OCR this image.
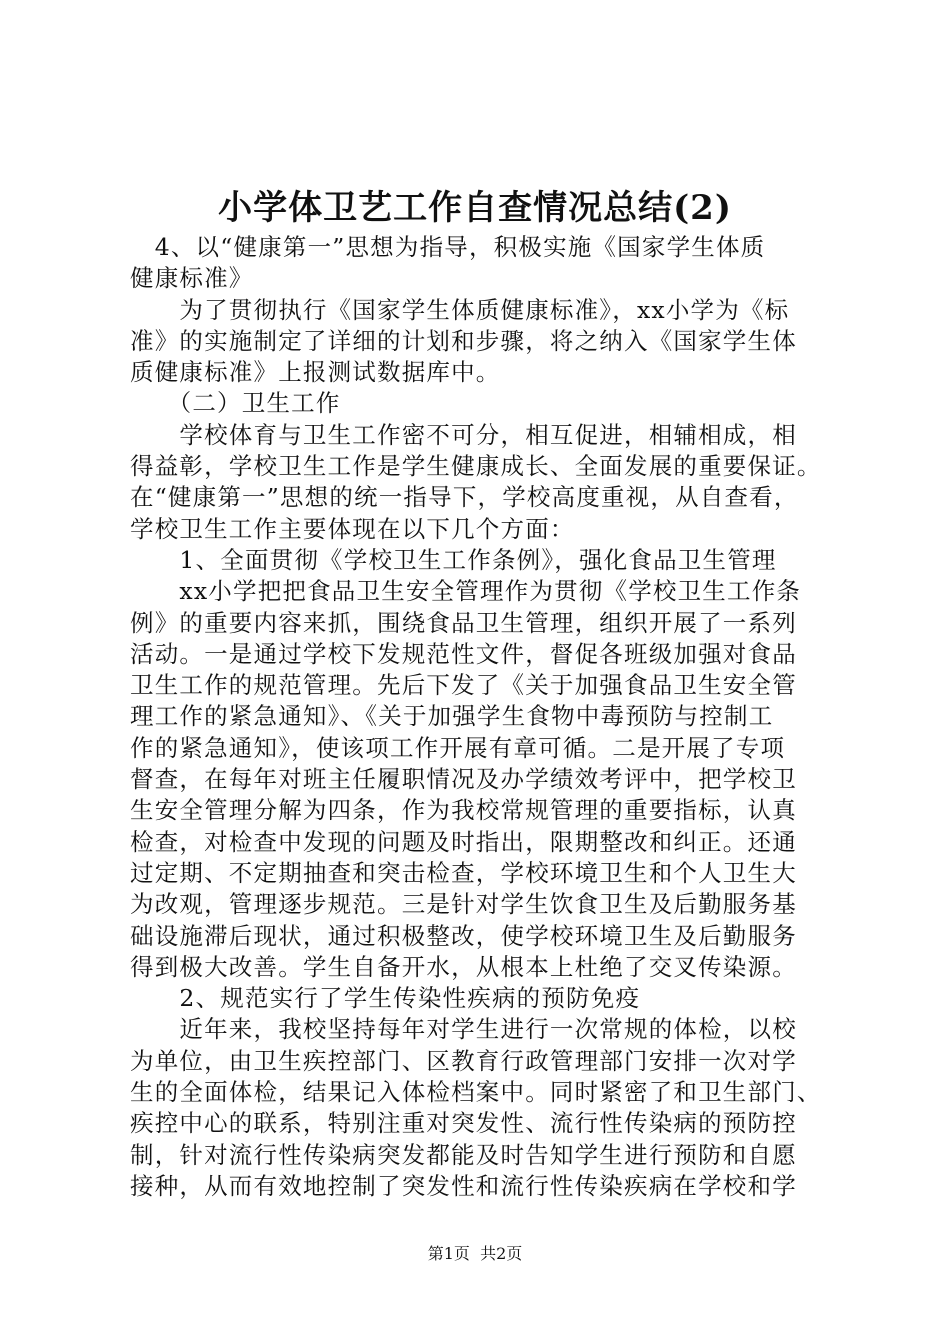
小学体卫艺工作自查情况总结(2)
　4、以“健康第一”思想为指导，积极实施《国家学生体质
健康标准》
　　为了贯彻执行《国家学生体质健康标准》，xx小学为《标
准》的实施制定了详细的计划和步骤，将之纳入《国家学生体
质健康标准》上报测试数据库中。
　　（二）卫生工作
　　学校体育与卫生工作密不可分，相互促进，相辅相成，相
得益彰，学校卫生工作是学生健康成长、全面发展的重要保证。
在“健康第一”思想的统一指导下，学校高度重视，从自查看，
学校卫生工作主要体现在以下几个方面：
　　1、全面贯彻《学校卫生工作条例》，强化食品卫生管理
　　xx小学把把食品卫生安全管理作为贯彻《学校卫生工作条
例》的重要内容来抓，围绕食品卫生管理，组织开展了一系列
活动。一是通过学校下发规范性文件，督促各班级加强对食品
卫生工作的规范管理。先后下发了《关于加强食品卫生安全管
理工作的紧急通知》、《关于加强学生食物中毒预防与控制工
作的紧急通知》，使该项工作开展有章可循。二是开展了专项
督查，在每年对班主任履职情况及办学绩效考评中，把学校卫
生安全管理分解为四条，作为我校常规管理的重要指标，认真
检查，对检查中发现的问题及时指出，限期整改和纠正。还通
过定期、不定期抽查和突击检查，学校环境卫生和个人卫生大
为改观，管理逐步规范。三是针对学生饮食卫生及后勤服务基
础设施滞后现状，通过积极整改，使学校环境卫生及后勤服务
得到极大改善。学生自备开水，从根本上杜绝了交叉传染源。
　　2、规范实行了学生传染性疾病的预防免疫
　　近年来，我校坚持每年对学生进行一次常规的体检，以校
为单位，由卫生疾控部门、区教育行政管理部门安排一次对学
生的全面体检，结果记入体检档案中。同时紧密了和卫生部门、
疾控中心的联系，特别注重对突发性、流行性传染病的预防控
制，针对流行性传染病突发都能及时告知学生进行预防和自愿
接种，从而有效地控制了突发性和流行性传染疾病在学校和学
第1页 共2页
